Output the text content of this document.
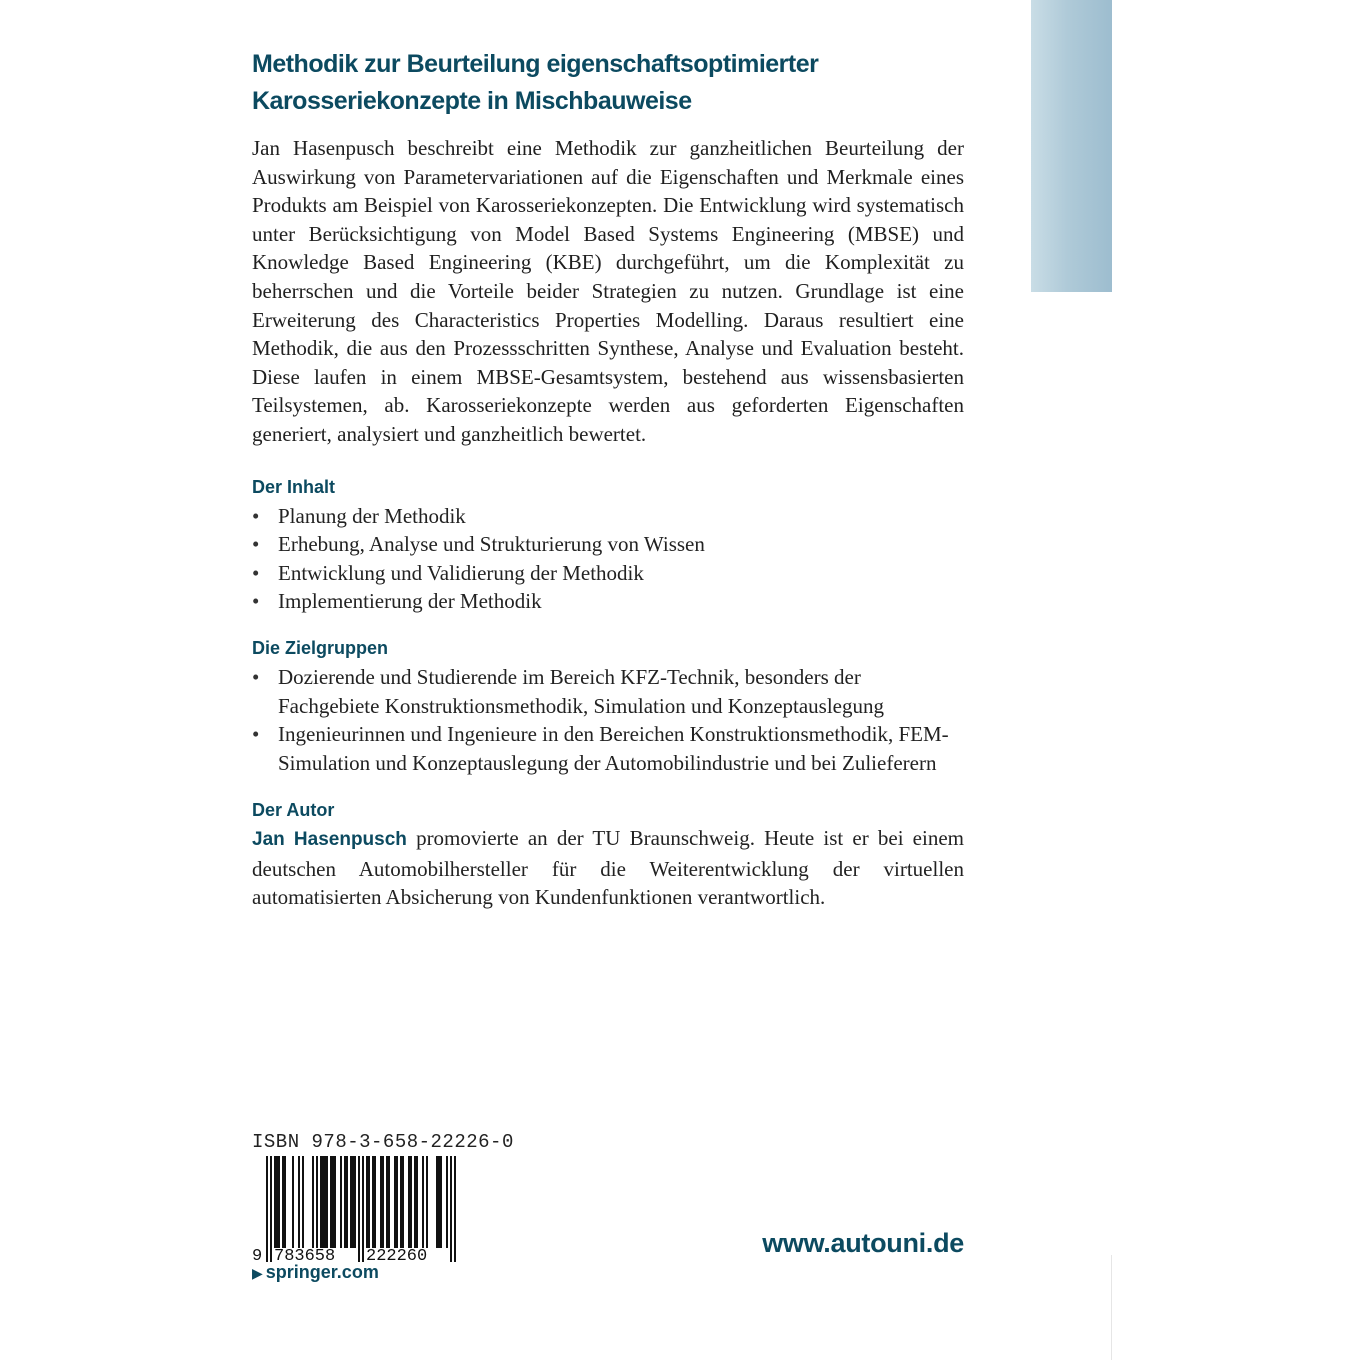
Methodik zur Beurteilung eigenschaftsoptimierter
Karosseriekonzepte in Mischbauweise

Jan Hasenpusch beschreibt eine Methodik zur ganzheitlichen Beurteilung der Auswirkung von Parametervariationen auf die Eigenschaften und Merkmale eines Produkts am Beispiel von Karosseriekonzepten. Die Entwicklung wird systematisch unter Berücksichtigung von Model Based Systems Engineering (MBSE) und Knowledge Based Engineering (KBE) durchgeführt, um die Komplexität zu beherrschen und die Vorteile beider Strategien zu nutzen. Grundlage ist eine Erweiterung des Characteristics Properties Modelling. Daraus resultiert eine Methodik, die aus den Prozessschritten Synthese, Analyse und Evaluation besteht. Diese laufen in einem MBSE-Gesamtsystem, bestehend aus wissensbasierten Teilsystemen, ab. Karosseriekonzepte werden aus geforderten Eigenschaften generiert, analysiert und ganzheitlich bewertet.

Der Inhalt
• Planung der Methodik
• Erhebung, Analyse und Strukturierung von Wissen
• Entwicklung und Validierung der Methodik
• Implementierung der Methodik
Die Zielgruppen
• Dozierende und Studierende im Bereich KFZ-Technik, besonders der Fachgebiete Konstruktionsmethodik, Simulation und Konzeptauslegung
• Ingenieurinnen und Ingenieure in den Bereichen Konstruktionsmethodik, FEM-Simulation und Konzeptauslegung der Automobilindustrie und bei Zulieferern
Der Autor

Jan Hasenpusch promovierte an der TU Braunschweig. Heute ist er bei einem deutschen Automobilhersteller für die Weiterentwicklung der virtuellen automatisierten Absicherung von Kundenfunktionen verantwortlich.

ISBN 978-3-658-22226-0
9 783658 222260
▶ springer.com
www.autouni.de
